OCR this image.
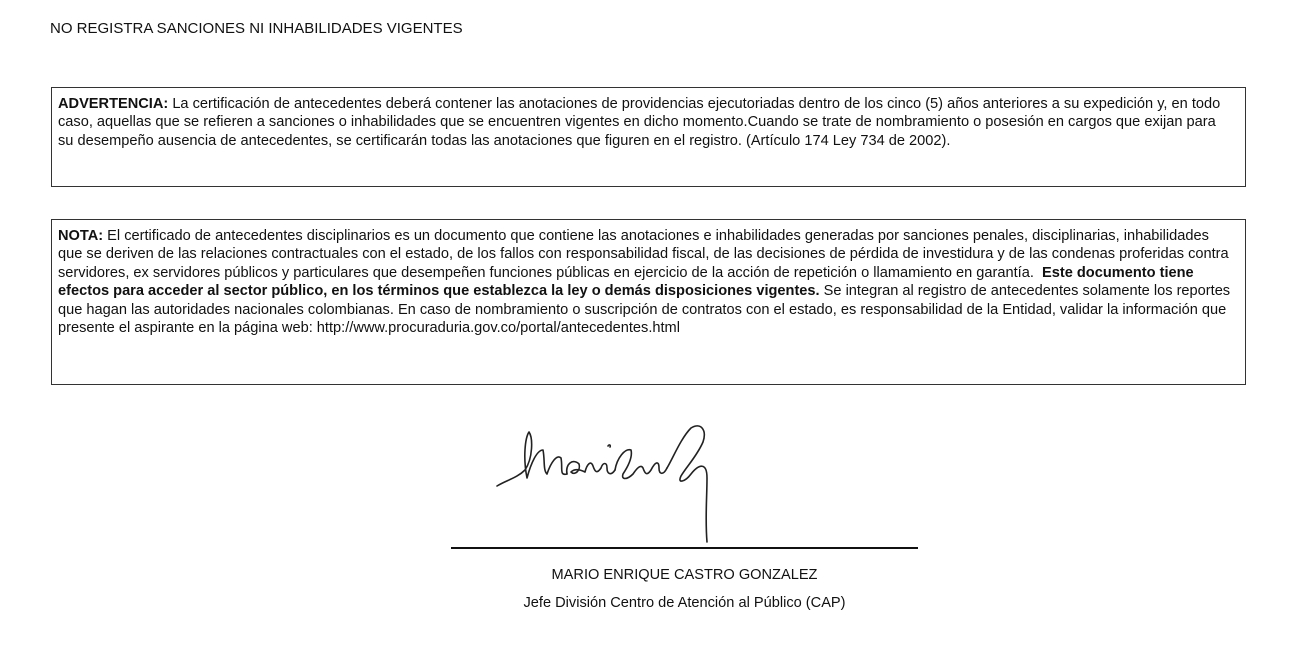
NO REGISTRA SANCIONES NI INHABILIDADES VIGENTES

ADVERTENCIA: La certificación de antecedentes deberá contener las anotaciones de providencias ejecutoriadas dentro de los cinco (5) años anteriores a su expedición y, en todo caso, aquellas que se refieren a sanciones o inhabilidades que se encuentren vigentes en dicho momento.Cuando se trate de nombramiento o posesión en cargos que exijan para su desempeño ausencia de antecedentes, se certificarán todas las anotaciones que figuren en el registro. (Artículo 174 Ley 734 de 2002).

NOTA: El certificado de antecedentes disciplinarios es un documento que contiene las anotaciones e inhabilidades generadas por sanciones penales, disciplinarias, inhabilidades que se deriven de las relaciones contractuales con el estado, de los fallos con responsabilidad fiscal, de las decisiones de pérdida de investidura y de las condenas proferidas contra servidores, ex servidores públicos y particulares que desempeñen funciones públicas en ejercicio de la acción de repetición o llamamiento en garantía.  Este documento tiene efectos para acceder al sector público, en los términos que establezca la ley o demás disposiciones vigentes. Se integran al registro de antecedentes solamente los reportes que hagan las autoridades nacionales colombianas. En caso de nombramiento o suscripción de contratos con el estado, es responsabilidad de la Entidad, validar la información que presente el aspirante en la página web: http://www.procuraduria.gov.co/portal/antecedentes.html

MARIO ENRIQUE CASTRO GONZALEZ
Jefe División Centro de Atención al Público (CAP)
